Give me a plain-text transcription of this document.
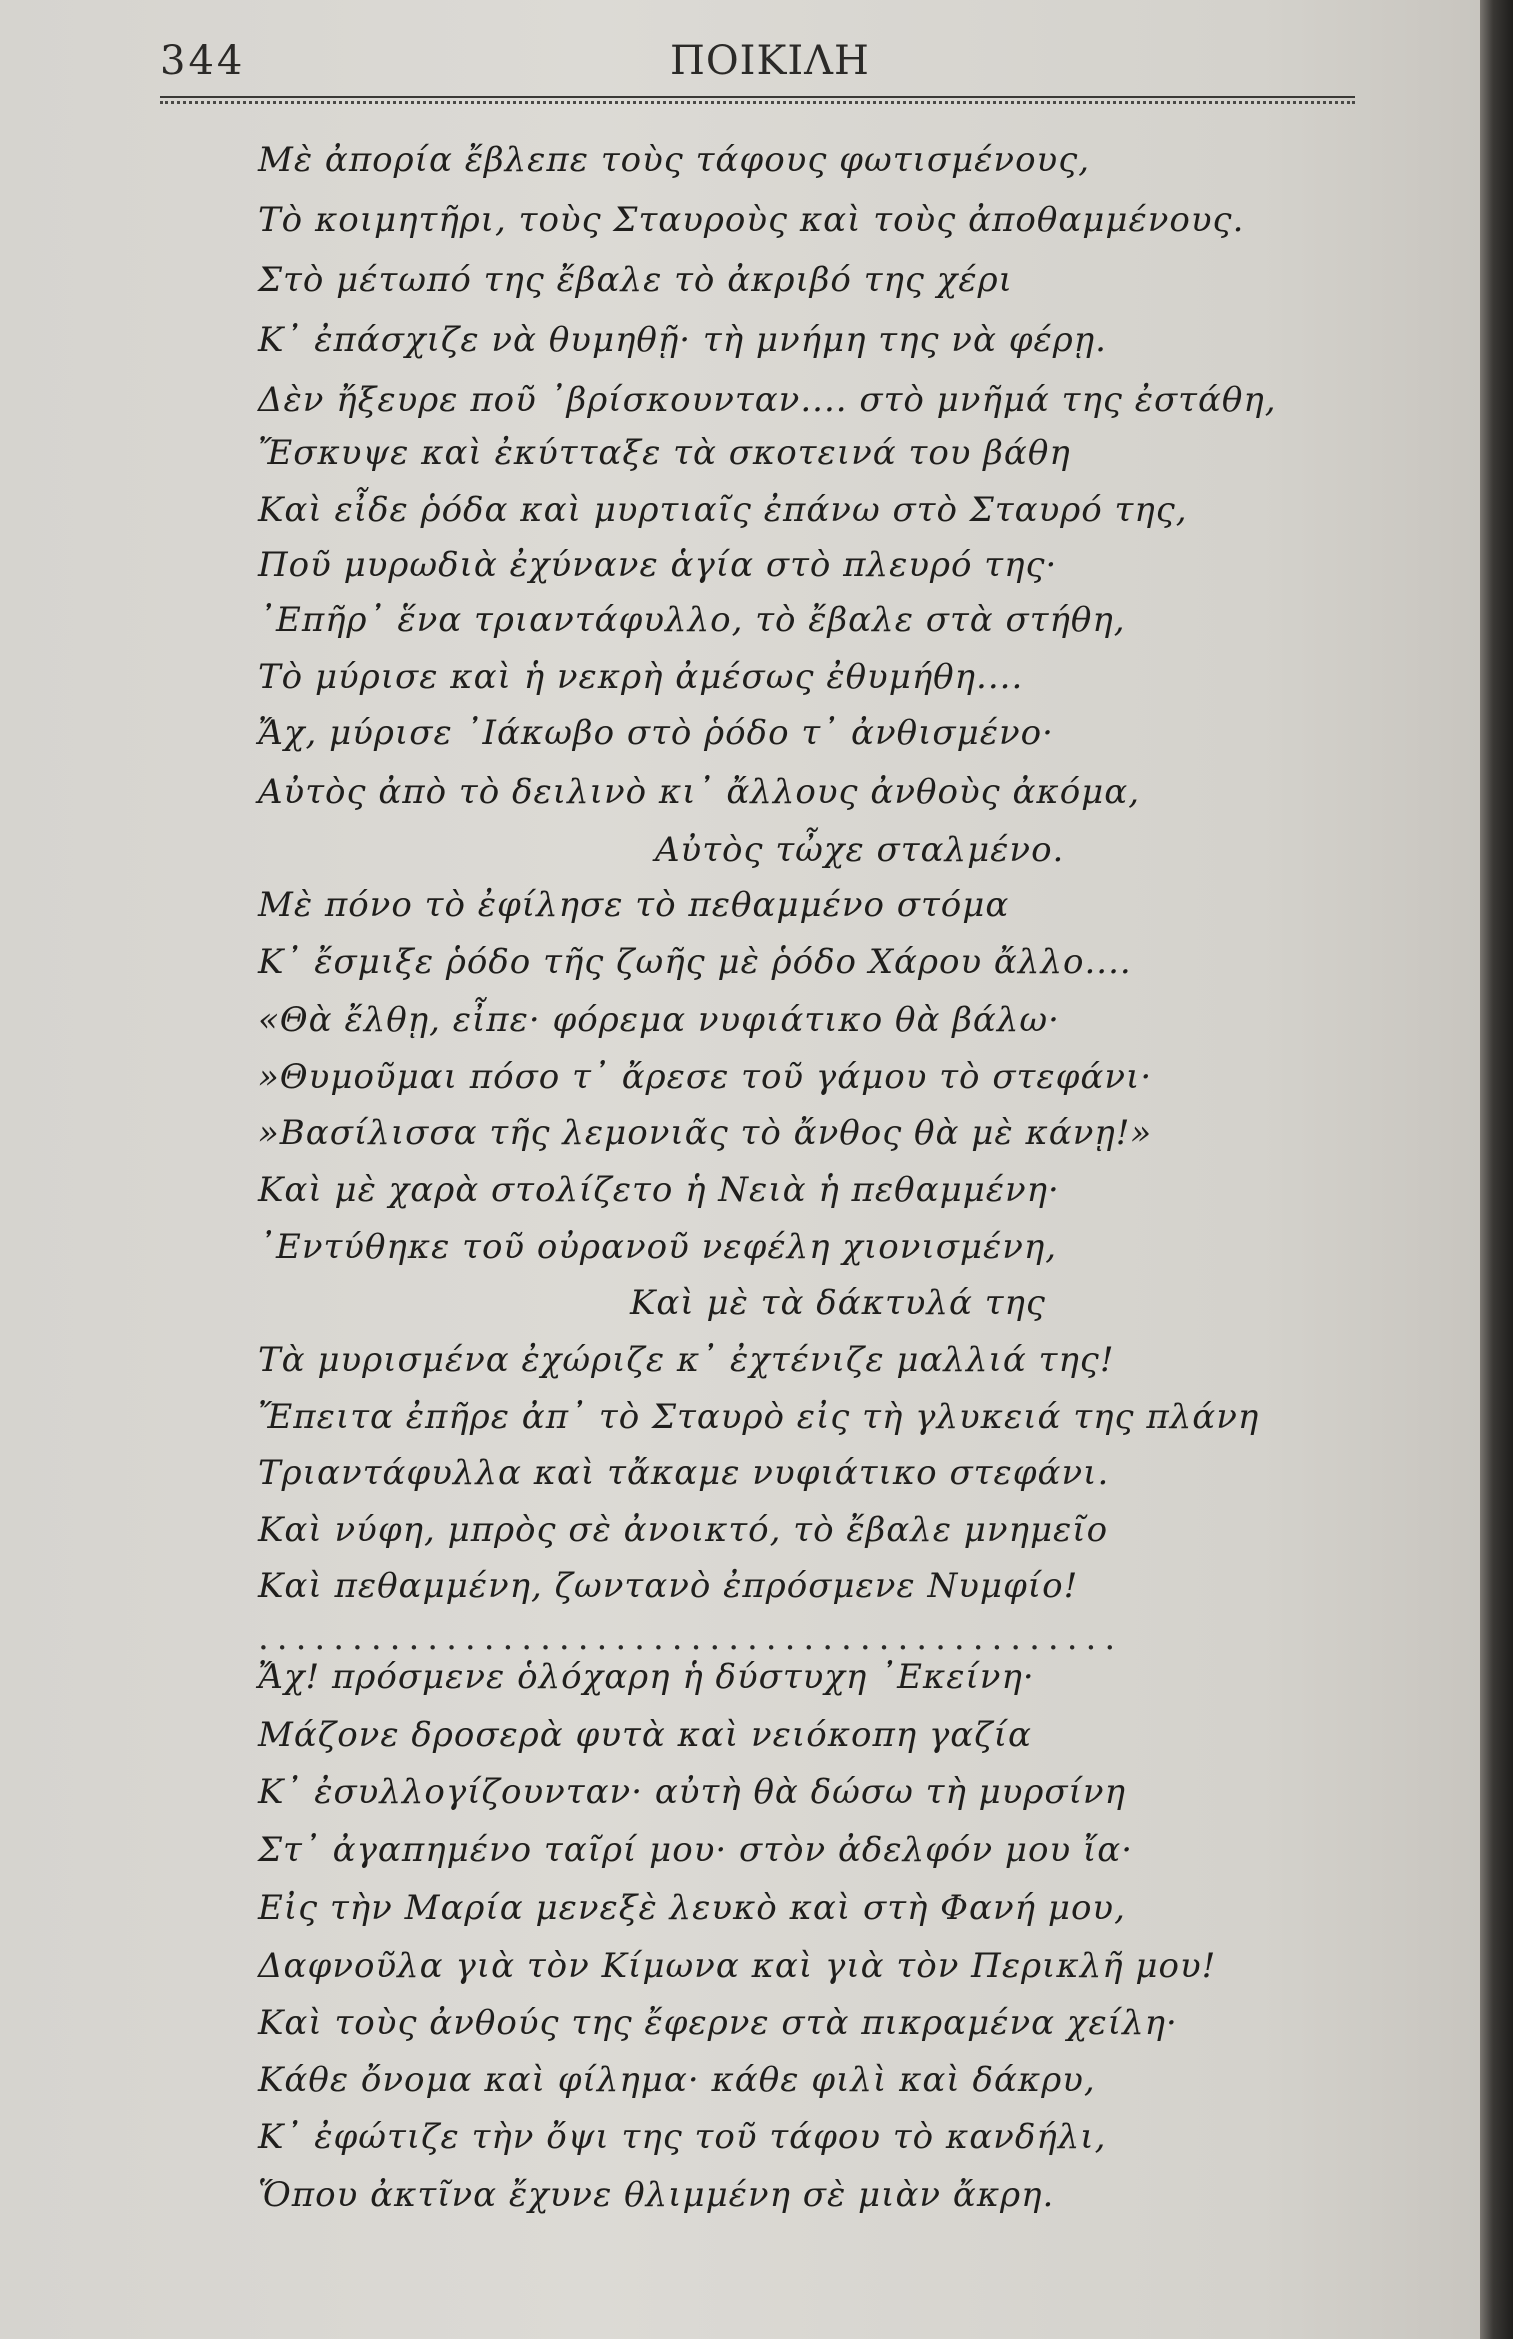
344	ΠΟΙΚΙΛΗ
Μὲ ἀπορία ἔβλεπε τοὺς τάφους φωτισμένους,
Τὸ κοιμητῆρι, τοὺς Σταυροὺς καὶ τοὺς ἀποθαμμένους.
Στὸ μέτωπό της ἔβαλε τὸ ἀκριβό της χέρι
Κ᾽ ἐπάσχιζε νὰ θυμηθῇ· τὴ μνήμη της νὰ φέρῃ.
Δὲν ἤξευρε ποῦ ᾽βρίσκουνταν.... στὸ μνῆμά της ἐστάθη,
Ἔσκυψε καὶ ἐκύτταξε τὰ σκοτεινά του βάθη
Καὶ εἶδε ῥόδα καὶ μυρτιαῖς ἐπάνω στὸ Σταυρό της,
Ποῦ μυρωδιὰ ἐχύνανε ἁγία στὸ πλευρό της·
᾽Επῆρ᾽ ἕνα τριαντάφυλλο, τὸ ἔβαλε στὰ στήθη,
Τὸ μύρισε καὶ ἡ νεκρὴ ἀμέσως ἐθυμήθη....
Ἄχ, μύρισε ᾽Ιάκωβο στὸ ῥόδο τ᾽ ἀνθισμένο·
Αὐτὸς ἀπὸ τὸ δειλινὸ κι᾽ ἄλλους ἀνθοὺς ἀκόμα,
Αὐτὸς τὦχε σταλμένο.
Μὲ πόνο τὸ ἐφίλησε τὸ πεθαμμένο στόμα
Κ᾽ ἔσμιξε ῥόδο τῆς ζωῆς μὲ ῥόδο Χάρου ἄλλο....
«Θὰ ἔλθῃ, εἶπε· φόρεμα νυφιάτικο θὰ βάλω·
»Θυμοῦμαι πόσο τ᾽ ἄρεσε τοῦ γάμου τὸ στεφάνι·
»Βασίλισσα τῆς λεμονιᾶς τὸ ἄνθος θὰ μὲ κάνῃ!»
Καὶ μὲ χαρὰ στολίζετο ἡ Νειὰ ἡ πεθαμμένη·
᾽Εντύθηκε τοῦ οὐρανοῦ νεφέλη χιονισμένη,
Καὶ μὲ τὰ δάκτυλά της
Τὰ μυρισμένα ἐχώριζε κ᾽ ἐχτένιζε μαλλιά της!
Ἔπειτα ἐπῆρε ἀπ᾽ τὸ Σταυρὸ εἰς τὴ γλυκειά της πλάνη
Τριαντάφυλλα καὶ τἄκαμε νυφιάτικο στεφάνι.
Καὶ νύφη, μπρὸς σὲ ἀνοικτό, τὸ ἔβαλε μνημεῖο
Καὶ πεθαμμένη, ζωντανὸ ἐπρόσμενε Νυμφίο!
..............................................
Ἄχ! πρόσμενε ὁλόχαρη ἡ δύστυχη ᾽Εκείνη·
Μάζονε δροσερὰ φυτὰ καὶ νειόκοπη γαζία
Κ᾽ ἐσυλλογίζουνταν· αὐτὴ θὰ δώσω τὴ μυρσίνη
Στ᾽ ἀγαπημένο ταῖρί μου· στὸν ἀδελφόν μου ἴα·
Εἰς τὴν Μαρία μενεξὲ λευκὸ καὶ στὴ Φανή μου,
Δαφνοῦλα γιὰ τὸν Κίμωνα καὶ γιὰ τὸν Περικλῆ μου!
Καὶ τοὺς ἀνθούς της ἔφερνε στὰ πικραμένα χείλη·
Κάθε ὄνομα καὶ φίλημα· κάθε φιλὶ καὶ δάκρυ,
Κ᾽ ἐφώτιζε τὴν ὄψι της τοῦ τάφου τὸ κανδήλι,
Ὅπου ἀκτῖνα ἔχυνε θλιμμένη σὲ μιὰν ἄκρη.
